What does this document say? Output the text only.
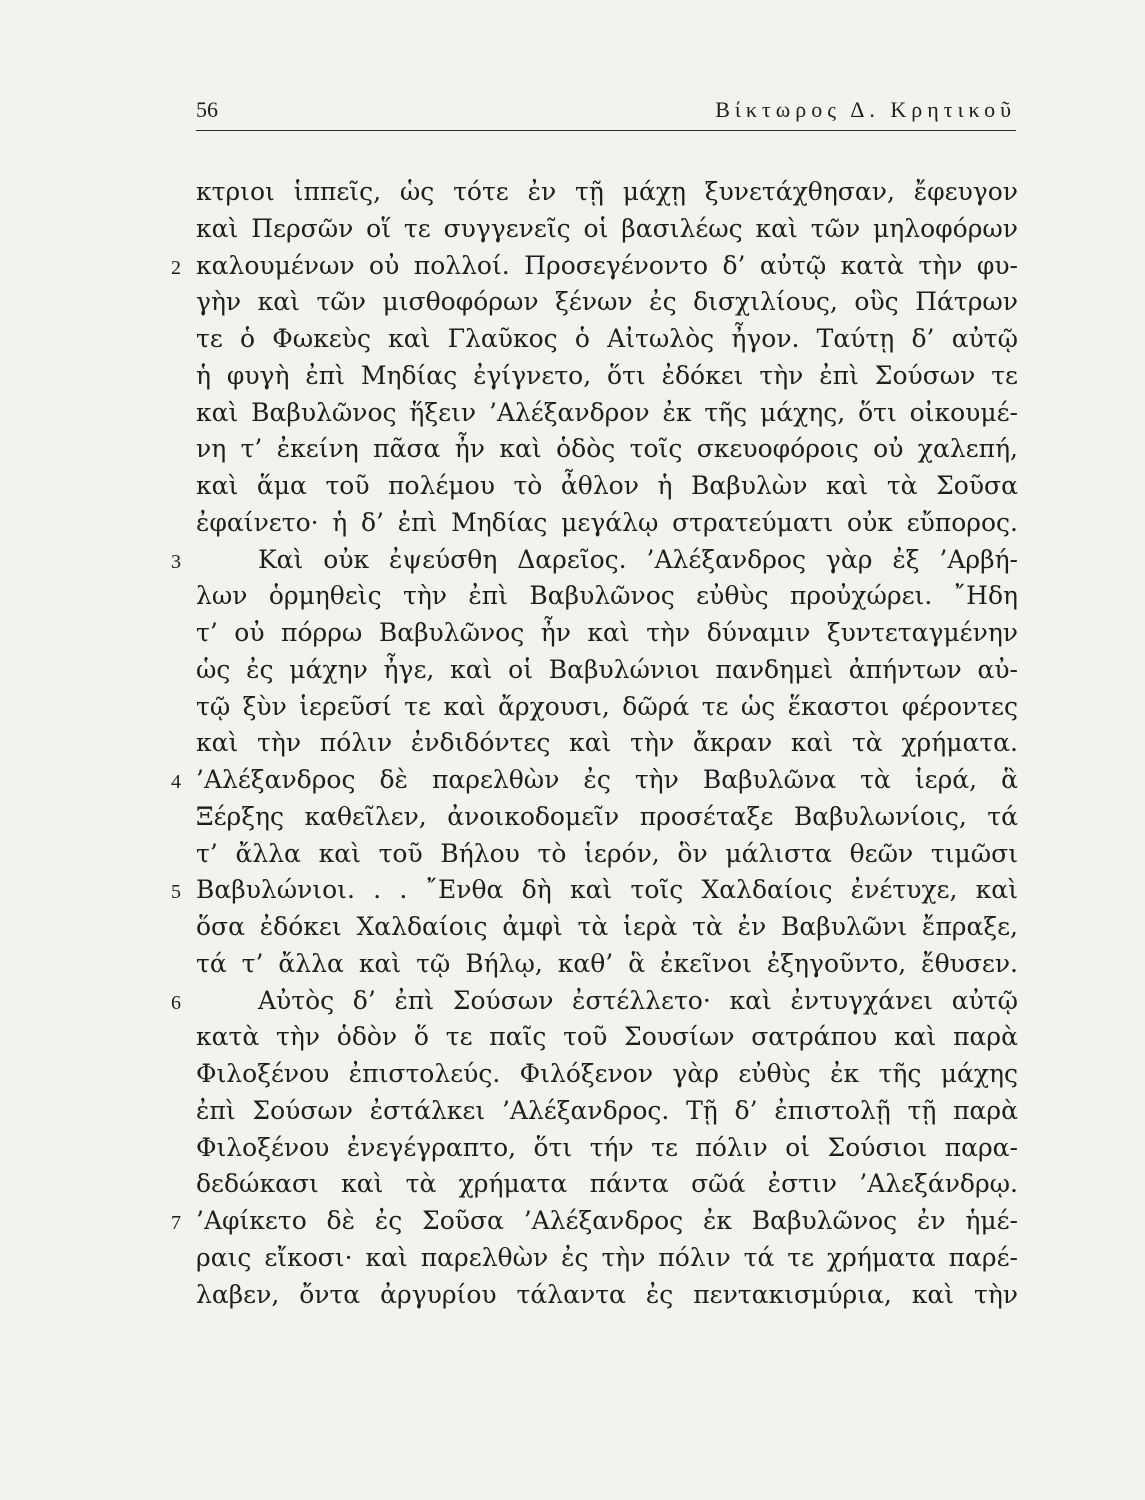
56	Βίκτωρος Δ. Κρητικοῦ
κτριοι ἱππεῖς, ὡς τότε ἐν τῇ μάχῃ ξυνετάχθησαν, ἔφευγον
καὶ Περσῶν οἵ τε συγγενεῖς οἱ βασιλέως καὶ τῶν μηλοφόρων
2 καλουμένων οὐ πολλοί. Προσεγένοντο δ’ αὐτῷ κατὰ τὴν φυ-
γὴν καὶ τῶν μισθοφόρων ξένων ἐς δισχιλίους, οὓς Πάτρων
τε ὁ Φωκεὺς καὶ Γλαῦκος ὁ Αἰτωλὸς ἦγον. Ταύτῃ δ’ αὐτῷ
ἡ φυγὴ ἐπὶ Μηδίας ἐγίγνετο, ὅτι ἐδόκει τὴν ἐπὶ Σούσων τε
καὶ Βαβυλῶνος ἥξειν ’Αλέξανδρον ἐκ τῆς μάχης, ὅτι οἰκουμέ-
νη τ’ ἐκείνη πᾶσα ἦν καὶ ὁδὸς τοῖς σκευοφόροις οὐ χαλεπή,
καὶ ἅμα τοῦ πολέμου τὸ ἆθλον ἡ Βαβυλὼν καὶ τὰ Σοῦσα
ἐφαίνετο· ἡ δ’ ἐπὶ Μηδίας μεγάλῳ στρατεύματι οὐκ εὔπορος.
3	Καὶ οὐκ ἐψεύσθη Δαρεῖος. ’Αλέξανδρος γὰρ ἐξ ’Αρβή-
λων ὁρμηθεὶς τὴν ἐπὶ Βαβυλῶνος εὐθὺς προὐχώρει. ῎Ηδη
τ’ οὐ πόρρω Βαβυλῶνος ἦν καὶ τὴν δύναμιν ξυντεταγμένην
ὡς ἐς μάχην ἦγε, καὶ οἱ Βαβυλώνιοι πανδημεὶ ἀπήντων αὐ-
τῷ ξὺν ἱερεῦσί τε καὶ ἄρχουσι, δῶρά τε ὡς ἕκαστοι φέροντες
καὶ τὴν πόλιν ἐνδιδόντες καὶ τὴν ἄκραν καὶ τὰ χρήματα.
4 ’Αλέξανδρος δὲ παρελθὼν ἐς τὴν Βαβυλῶνα τὰ ἱερά, ἃ
Ξέρξης καθεῖλεν, ἀνοικοδομεῖν προσέταξε Βαβυλωνίοις, τά
τ’ ἄλλα καὶ τοῦ Βήλου τὸ ἱερόν, ὃν μάλιστα θεῶν τιμῶσι
5 Βαβυλώνιοι. . . ῎Ενθα δὴ καὶ τοῖς Χαλδαίοις ἐνέτυχε, καὶ
ὅσα ἐδόκει Χαλδαίοις ἀμφὶ τὰ ἱερὰ τὰ ἐν Βαβυλῶνι ἔπραξε,
τά τ’ ἄλλα καὶ τῷ Βήλῳ, καθ’ ἃ ἐκεῖνοι ἐξηγοῦντο, ἔθυσεν.
6	Αὐτὸς δ’ ἐπὶ Σούσων ἐστέλλετο· καὶ ἐντυγχάνει αὐτῷ
κατὰ τὴν ὁδὸν ὅ τε παῖς τοῦ Σουσίων σατράπου καὶ παρὰ
Φιλοξένου ἐπιστολεύς. Φιλόξενον γὰρ εὐθὺς ἐκ τῆς μάχης
ἐπὶ Σούσων ἐστάλκει ’Αλέξανδρος. Τῇ δ’ ἐπιστολῇ τῇ παρὰ
Φιλοξένου ἐνεγέγραπτο, ὅτι τήν τε πόλιν οἱ Σούσιοι παρα-
δεδώκασι καὶ τὰ χρήματα πάντα σῶά ἐστιν ’Αλεξάνδρῳ.
7 ’Αφίκετο δὲ ἐς Σοῦσα ’Αλέξανδρος ἐκ Βαβυλῶνος ἐν ἡμέ-
ραις εἴκοσι· καὶ παρελθὼν ἐς τὴν πόλιν τά τε χρήματα παρέ-
λαβεν, ὄντα ἀργυρίου τάλαντα ἐς πεντακισμύρια, καὶ τὴν
